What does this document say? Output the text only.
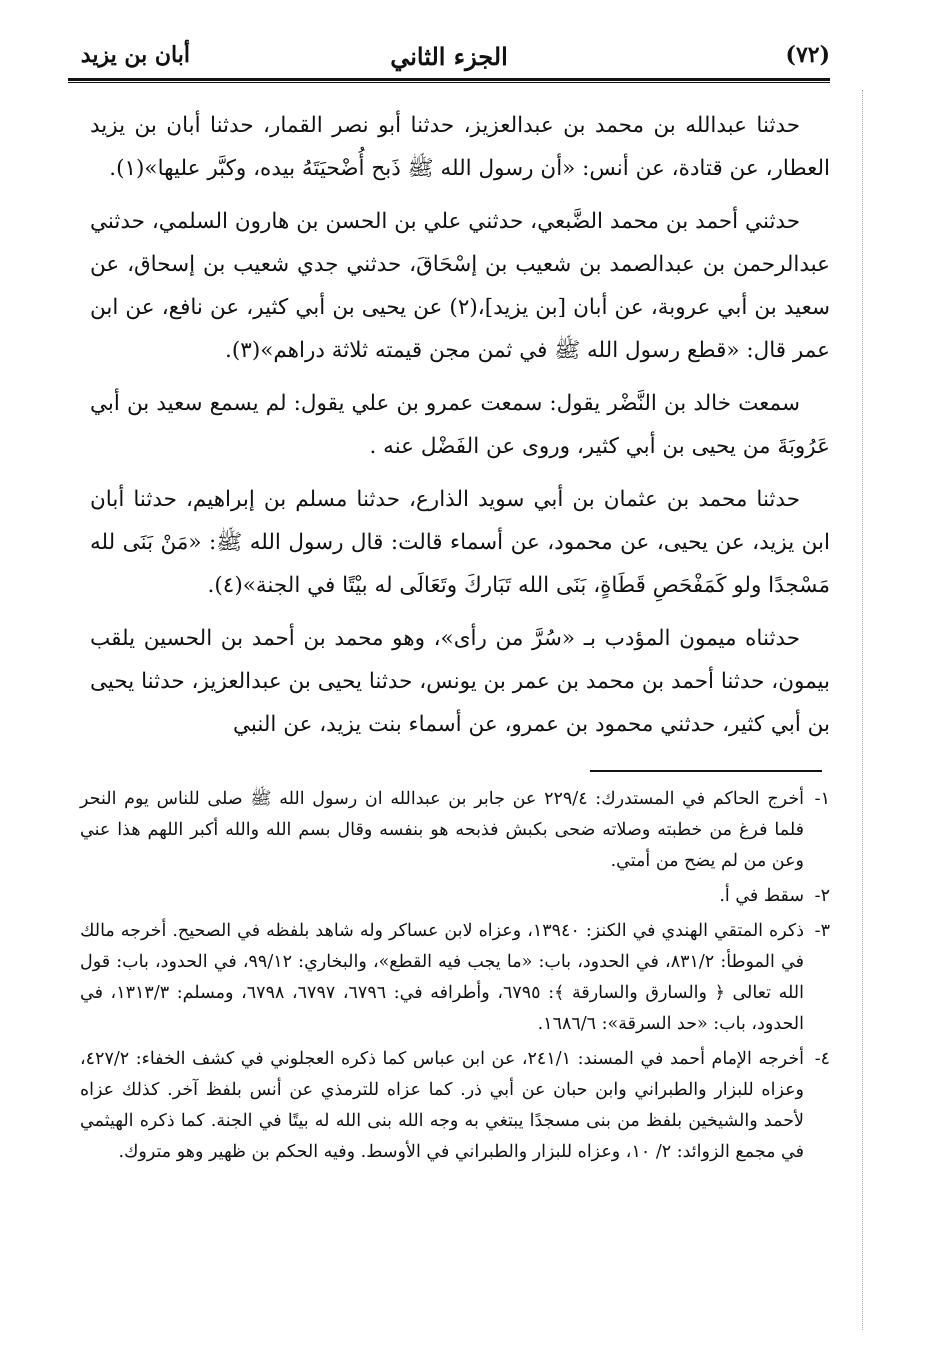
(٧٢)
الجزء الثاني
أبان بن يزيد

حدثنا عبدالله بن محمد بن عبدالعزيز، حدثنا أبو نصر القمار، حدثنا أبان بن يزيد العطار، عن قتادة، عن أنس: «أن رسول الله ﷺ ذَبح أُضْحيَتَهُ بيده، وكبَّر عليها»(١).

حدثني أحمد بن محمد الضَّبعي، حدثني علي بن الحسن بن هارون السلمي، حدثني عبدالرحمن بن عبدالصمد بن شعيب بن إسْحَاقَ، حدثني جدي شعيب بن إسحاق، عن سعيد بن أبي عروبة، عن أبان [بن يزيد]،(٢) عن يحيى بن أبي كثير، عن نافع، عن ابن عمر قال: «قطع رسول الله ﷺ في ثمن مجن قيمته ثلاثة دراهم»(٣).

سمعت خالد بن النَّضْر يقول: سمعت عمرو بن علي يقول: لم يسمع سعيد بن أبي عَرُوبَةَ من يحيى بن أبي كثير، وروى عن الفَضْل عنه .

حدثنا محمد بن عثمان بن أبي سويد الذارع، حدثنا مسلم بن إبراهيم، حدثنا أبان ابن يزيد، عن يحيى، عن محمود، عن أسماء قالت: قال رسول الله ﷺ: «مَنْ بَنَى لله مَسْجدًا ولو كَمَفْحَصِ قَطَاةٍ، بَنَى الله تَبَاركَ وتَعَالَى له بيْتًا في الجنة»(٤).

حدثناه ميمون المؤدب بـ «سُرَّ من رأى»، وهو محمد بن أحمد بن الحسين يلقب بيمون، حدثنا أحمد بن محمد بن عمر بن يونس، حدثنا يحيى بن عبدالعزيز، حدثنا يحيى بن أبي كثير، حدثني محمود بن عمرو، عن أسماء بنت يزيد، عن النبي

١-أخرج الحاكم في المستدرك: ٢٢٩/٤ عن جابر بن عبدالله ان رسول الله ﷺ صلى للناس يوم النحر فلما فرغ من خطبته وصلاته ضحى بكبش فذبحه هو بنفسه وقال بسم الله والله أكبر اللهم هذا عني وعن من لم يضح من أمتي.

٢-سقط في أ.

٣-ذكره المتقي الهندي في الكنز: ١٣٩٤٠، وعزاه لابن عساكر وله شاهد بلفظه في الصحيح. أخرجه مالك في الموطأ: ٨٣١/٢، في الحدود، باب: «ما يجب فيه القطع»، والبخاري: ٩٩/١٢، في الحدود، باب: قول الله تعالى ﴿ والسارق والسارقة ﴾: ٦٧٩٥، وأطرافه في: ٦٧٩٦، ٦٧٩٧، ٦٧٩٨، ومسلم: ١٣١٣/٣، في الحدود، باب: «حد السرقة»: ١٦٨٦/٦.

٤-أخرجه الإمام أحمد في المسند: ٢٤١/١، عن ابن عباس كما ذكره العجلوني في كشف الخفاء: ٤٢٧/٢، وعزاه للبزار والطبراني وابن حبان عن أبي ذر. كما عزاه للترمذي عن أنس بلفظ آخر. كذلك عزاه لأحمد والشيخين بلفظ من بنى مسجدًا يبتغي به وجه الله بنى الله له بيتًا في الجنة. كما ذكره الهيثمي في مجمع الزوائد: ٢/ ١٠، وعزاه للبزار والطبراني في الأوسط. وفيه الحكم بن ظهير وهو متروك.
